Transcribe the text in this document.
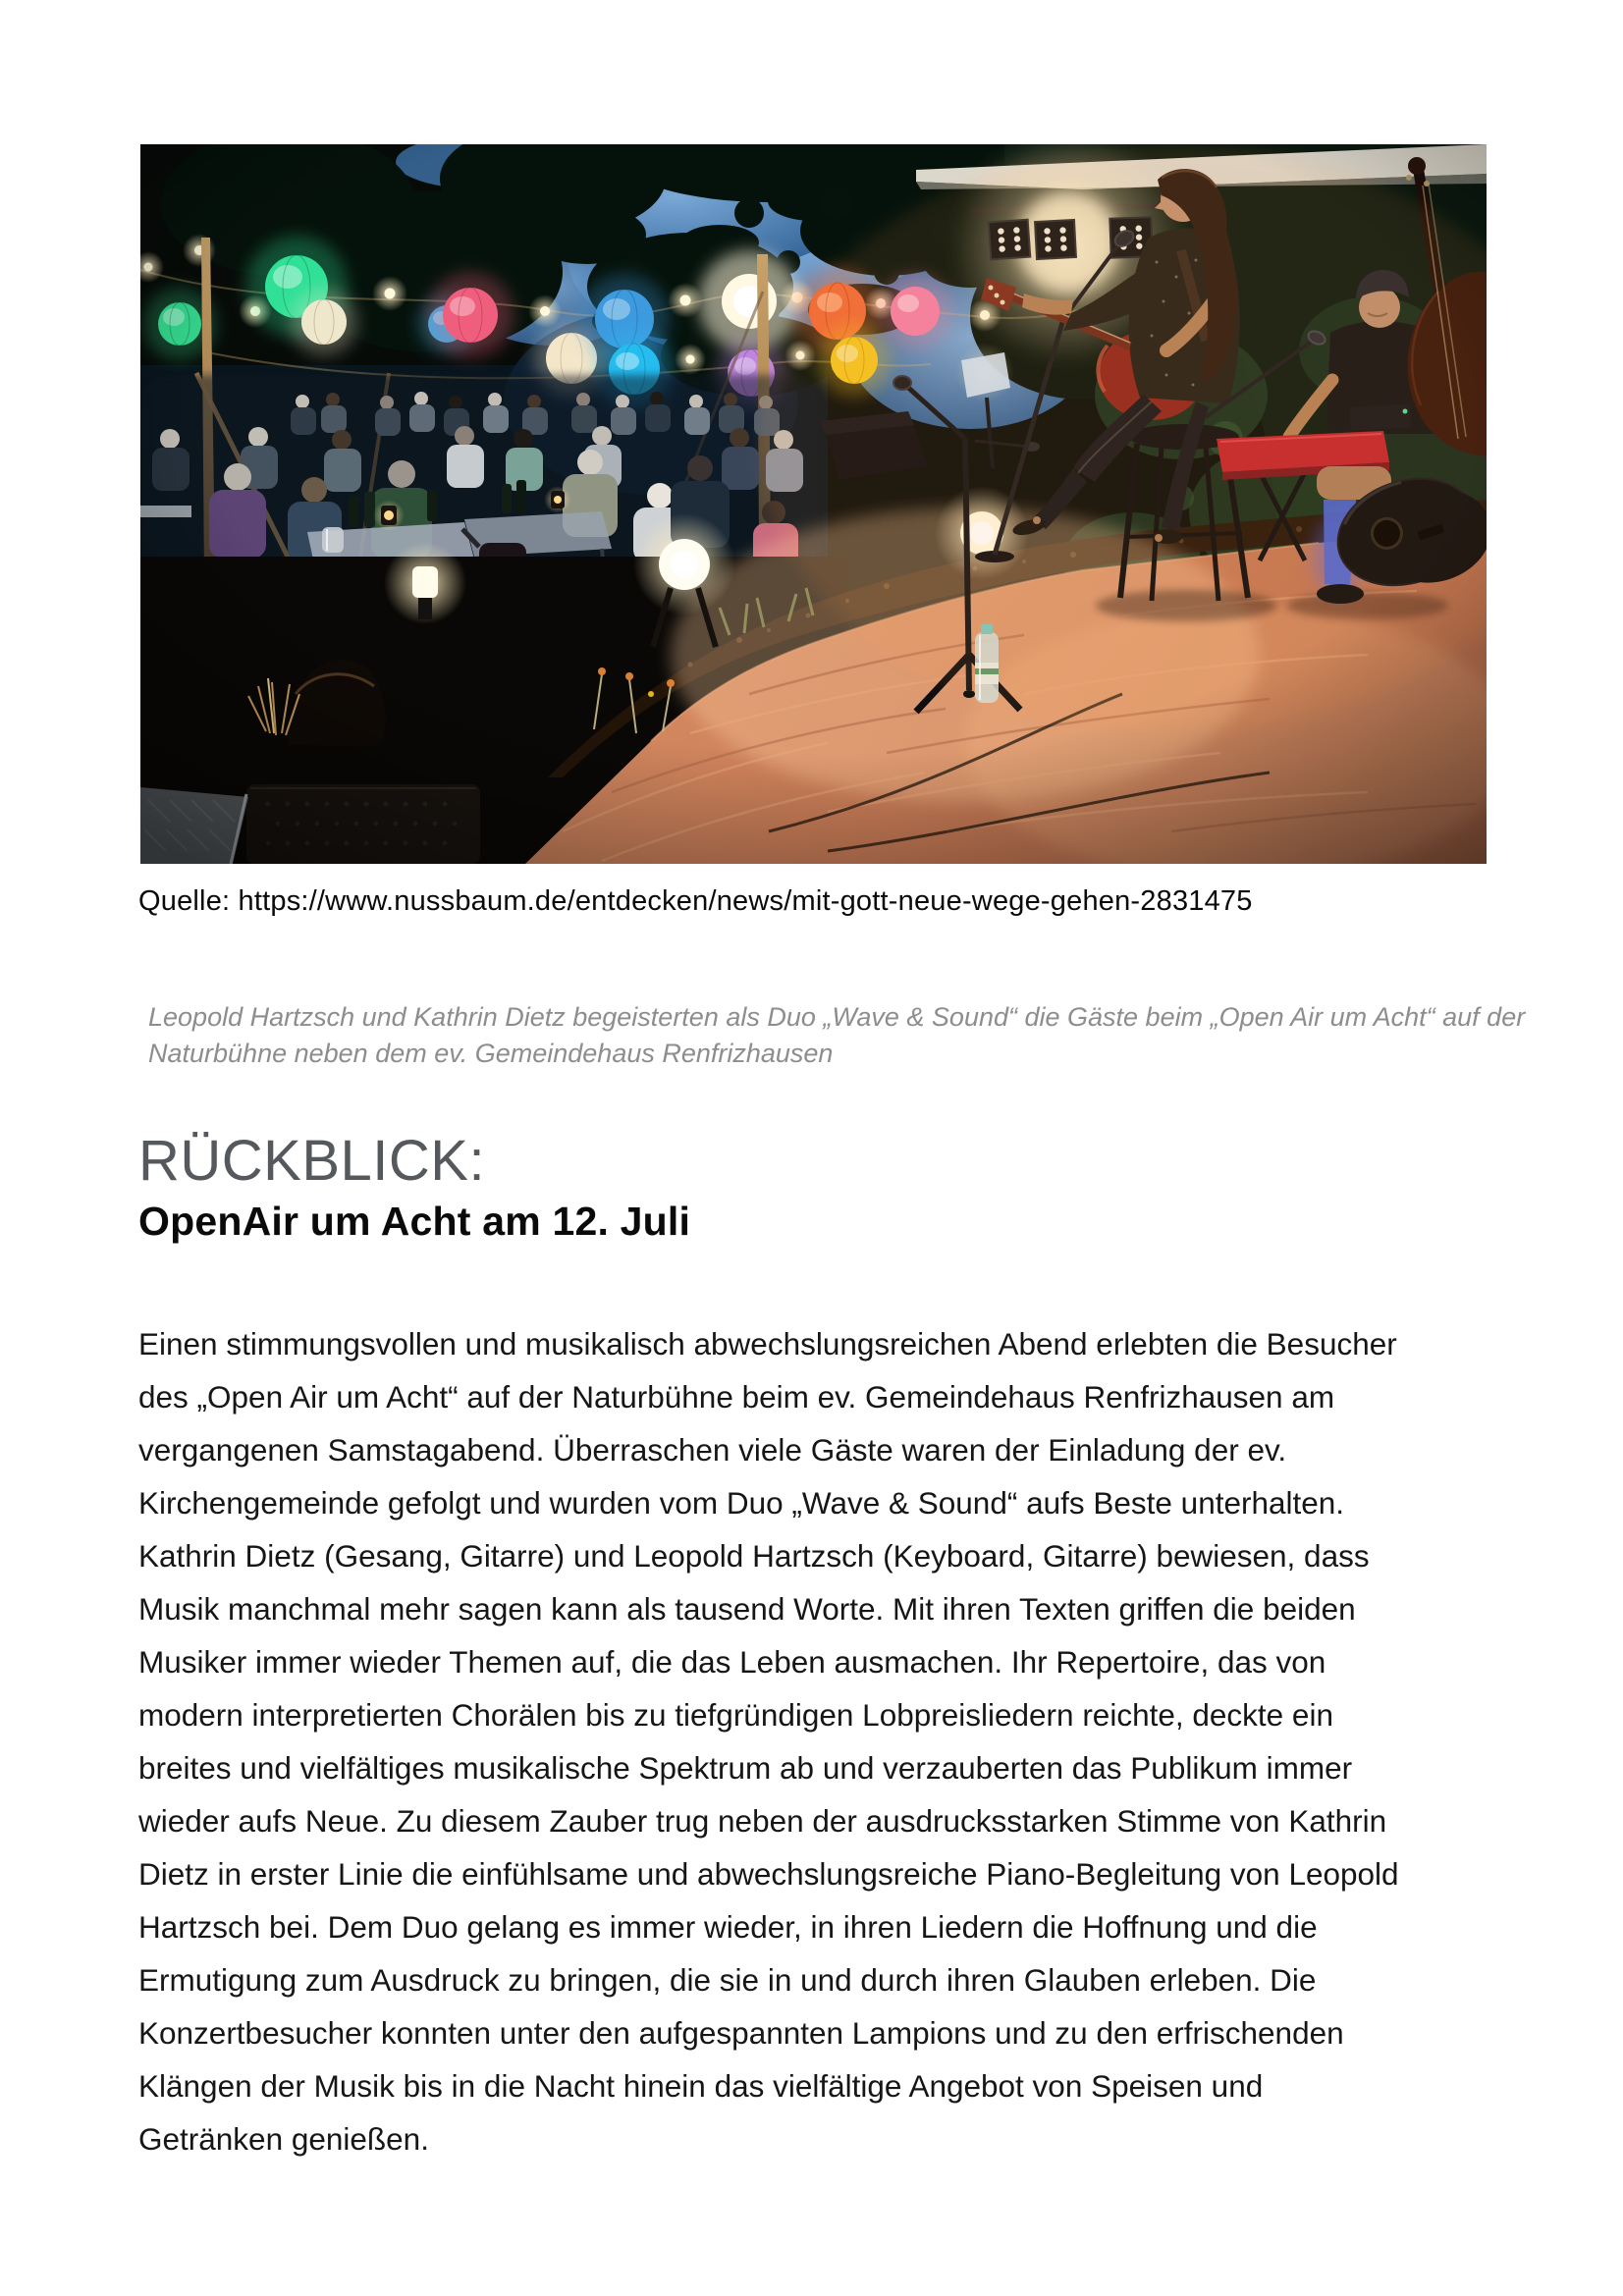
Quelle: https://www.nussbaum.de/entdecken/news/mit-gott-neue-wege-gehen-2831475
Leopold Hartzsch und Kathrin Dietz begeisterten als Duo „Wave & Sound“ die Gäste beim „Open Air um Acht“ auf der
Naturbühne neben dem ev. Gemeindehaus Renfrizhausen
RÜCKBLICK:
OpenAir um Acht am 12. Juli
Einen stimmungsvollen und musikalisch abwechslungsreichen Abend erlebten die Besucher
des „Open Air um Acht“ auf der Naturbühne beim ev. Gemeindehaus Renfrizhausen am
vergangenen Samstagabend. Überraschen viele Gäste waren der Einladung der ev.
Kirchengemeinde gefolgt und wurden vom Duo „Wave & Sound“ aufs Beste unterhalten.
Kathrin Dietz (Gesang, Gitarre) und Leopold Hartzsch (Keyboard, Gitarre) bewiesen, dass
Musik manchmal mehr sagen kann als tausend Worte. Mit ihren Texten griffen die beiden
Musiker immer wieder Themen auf, die das Leben ausmachen. Ihr Repertoire, das von
modern interpretierten Chorälen bis zu tiefgründigen Lobpreisliedern reichte, deckte ein
breites und vielfältiges musikalische Spektrum ab und verzauberten das Publikum immer
wieder aufs Neue. Zu diesem Zauber trug neben der ausdrucksstarken Stimme von Kathrin
Dietz in erster Linie die einfühlsame und abwechslungsreiche Piano-Begleitung von Leopold
Hartzsch bei. Dem Duo gelang es immer wieder, in ihren Liedern die Hoffnung und die
Ermutigung zum Ausdruck zu bringen, die sie in und durch ihren Glauben erleben. Die
Konzertbesucher konnten unter den aufgespannten Lampions und zu den erfrischenden
Klängen der Musik bis in die Nacht hinein das vielfältige Angebot von Speisen und
Getränken genießen.
